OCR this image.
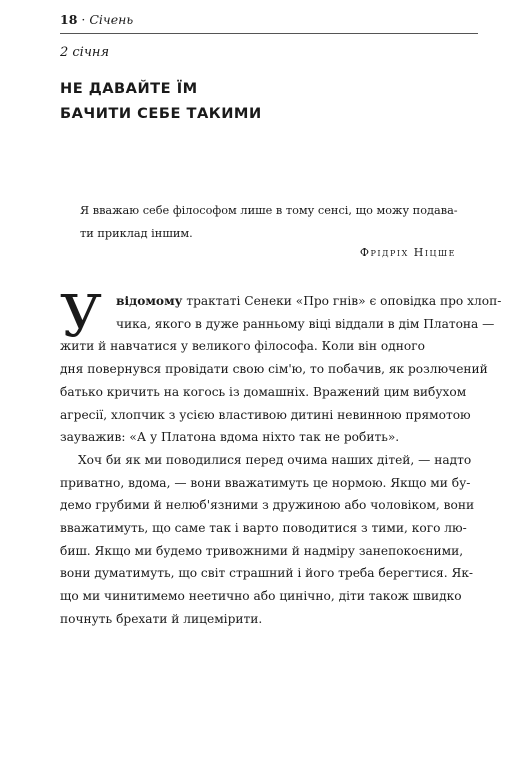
18 · Січень
2 січня
НЕ ДАВАЙТЕ ЇМ
БАЧИТИ СЕБЕ ТАКИМИ
Я вважаю себе філософом лише в тому сенсі, що можу подава-
ти приклад іншим.
Фрідріх Ніцше
У	відомому трактаті Сенеки «Про гнів» є оповідка про хлоп-
чика, якого в дуже ранньому віці віддали в дім Платона —
жити й навчатися у великого філософа. Коли він одного
дня повернувся провідати свою сім'ю, то побачив, як розлючений
батько кричить на когось із домашніх. Вражений цим вибухом
агресії, хлопчик з усією властивою дитині невинною прямотою
зауважив: «А у Платона вдома ніхто так не робить».
Хоч би як ми поводилися перед очима наших дітей, — надто
приватно, вдома, — вони вважатимуть це нормою. Якщо ми бу-
демо грубими й нелюб'язними з дружиною або чоловіком, вони
вважатимуть, що саме так і варто поводитися з тими, кого лю-
биш. Якщо ми будемо тривожними й надміру занепокоєними,
вони думатимуть, що світ страшний і його треба берегтися. Як-
що ми чинитимемо неетично або цинічно, діти також швидко
почнуть брехати й лицемірити.
